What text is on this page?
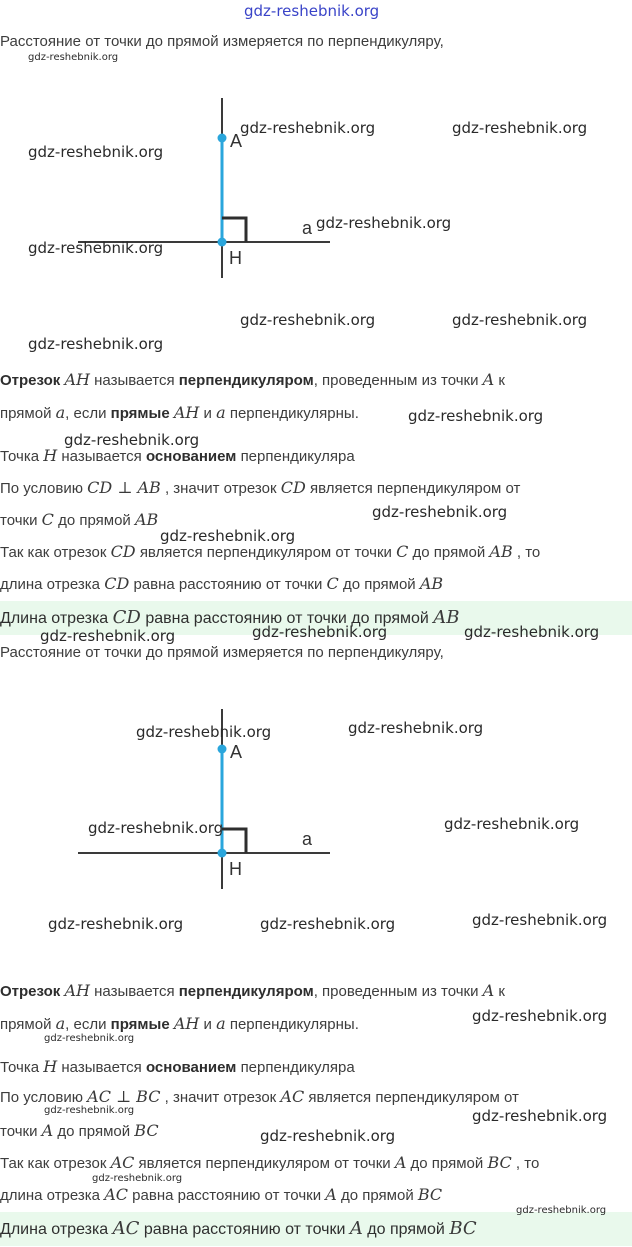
gdz-reshebnik.org
Расстояние от точки до прямой измеряется по перпендикуляру,
A
H
a
Отрезок AH называется перпендикуляром, проведенным из точки A к
прямой a, если прямые AH и a перпендикулярны.
Точка H называется основанием перпендикуляра
По условию CD ⊥ AB , значит отрезок CD является перпендикуляром от
точки C до прямой AB
Так как отрезок CD является перпендикуляром от точки C до прямой AB , то
длина отрезка CD равна расстоянию от точки C до прямой AB
Длина отрезка CD равна расстоянию от точки до прямой AB
Расстояние от точки до прямой измеряется по перпендикуляру,
A
H
a
Отрезок AH называется перпендикуляром, проведенным из точки A к
прямой a, если прямые AH и a перпендикулярны.
Точка H называется основанием перпендикуляра
По условию AC ⊥ BC , значит отрезок AC является перпендикуляром от
точки A до прямой BC
Так как отрезок AC является перпендикуляром от точки A до прямой BC , то
длина отрезка AC равна расстоянию от точки A до прямой BC
Длина отрезка AC равна расстоянию от точки A до прямой BC
gdz-reshebnik.org
gdz-reshebnik.org	gdz-reshebnik.org
gdz-reshebnik.org
gdz-reshebnik.org
gdz-reshebnik.org
gdz-reshebnik.org	gdz-reshebnik.org
gdz-reshebnik.org
gdz-reshebnik.org
gdz-reshebnik.org
gdz-reshebnik.org
gdz-reshebnik.org
gdz-reshebnik.org	gdz-reshebnik.org	gdz-reshebnik.org
gdz-reshebnik.org	gdz-reshebnik.org
gdz-reshebnik.org	gdz-reshebnik.org
gdz-reshebnik.org	gdz-reshebnik.org	gdz-reshebnik.org
gdz-reshebnik.org
gdz-reshebnik.org
gdz-reshebnik.org	gdz-reshebnik.org
gdz-reshebnik.org
gdz-reshebnik.org
gdz-reshebnik.org
